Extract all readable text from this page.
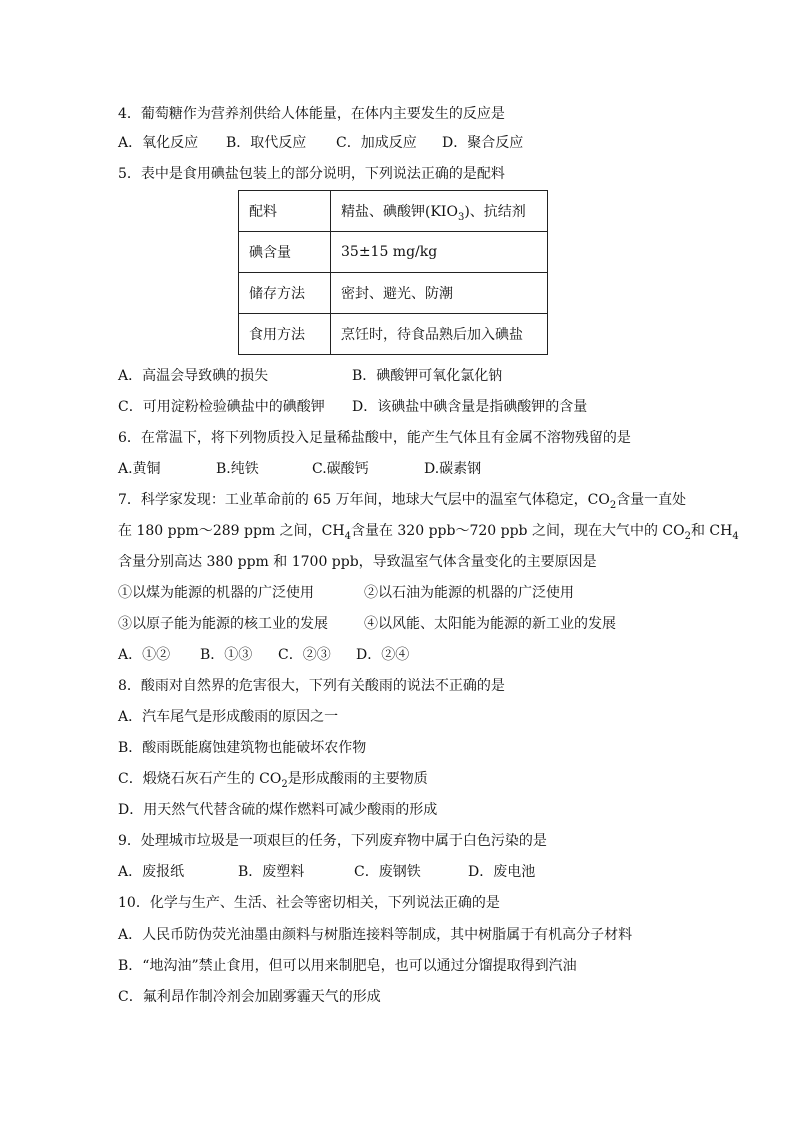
4．葡萄糖作为营养剂供给人体能量，在体内主要发生的反应是
A．氧化反应	B．取代反应	C．加成反应	D．聚合反应
5．表中是食用碘盐包装上的部分说明，下列说法正确的是配料
配料	精盐、碘酸钾$(KIO_3)$、抗结剂
碘含量	35±15 mg/kg
储存方法	密封、避光、防潮
食用方法	烹饪时，待食品熟后加入碘盐
A．高温会导致碘的损失	B．碘酸钾可氧化氯化钠
C．可用淀粉检验碘盐中的碘酸钾	D．该碘盐中碘含量是指碘酸钾的含量
6．在常温下，将下列物质投入足量稀盐酸中，能产生气体且有金属不溶物残留的是
A.黄铜	B.纯铁	C.碳酸钙	D.碳素钢
7．科学家发现：工业革命前的 65 万年间，地球大气层中的温室气体稳定，$CO_2$含量一直处
在 180 ppm～289 ppm 之间，$CH_4$含量在 320 ppb～720 ppb 之间，现在大气中的 $CO_2$和 $CH_4$
含量分别高达 380 ppm 和 1700 ppb，导致温室气体含量变化的主要原因是
①以煤为能源的机器的广泛使用	②以石油为能源的机器的广泛使用
③以原子能为能源的核工业的发展	④以风能、太阳能为能源的新工业的发展
A．①②	B．①③	C．②③	D．②④
8．酸雨对自然界的危害很大，下列有关酸雨的说法不正确的是
A．汽车尾气是形成酸雨的原因之一
B．酸雨既能腐蚀建筑物也能破坏农作物
C．煅烧石灰石产生的 $CO_2$是形成酸雨的主要物质
D．用天然气代替含硫的煤作燃料可减少酸雨的形成
9．处理城市垃圾是一项艰巨的任务，下列废弃物中属于白色污染的是
A．废报纸	B．废塑料	C．废钢铁	D．废电池
10．化学与生产、生活、社会等密切相关，下列说法正确的是
A．人民币防伪荧光油墨由颜料与树脂连接料等制成，其中树脂属于有机高分子材料
B．“地沟油”禁止食用，但可以用来制肥皂，也可以通过分馏提取得到汽油
C．氟利昂作制冷剂会加剧雾霾天气的形成
